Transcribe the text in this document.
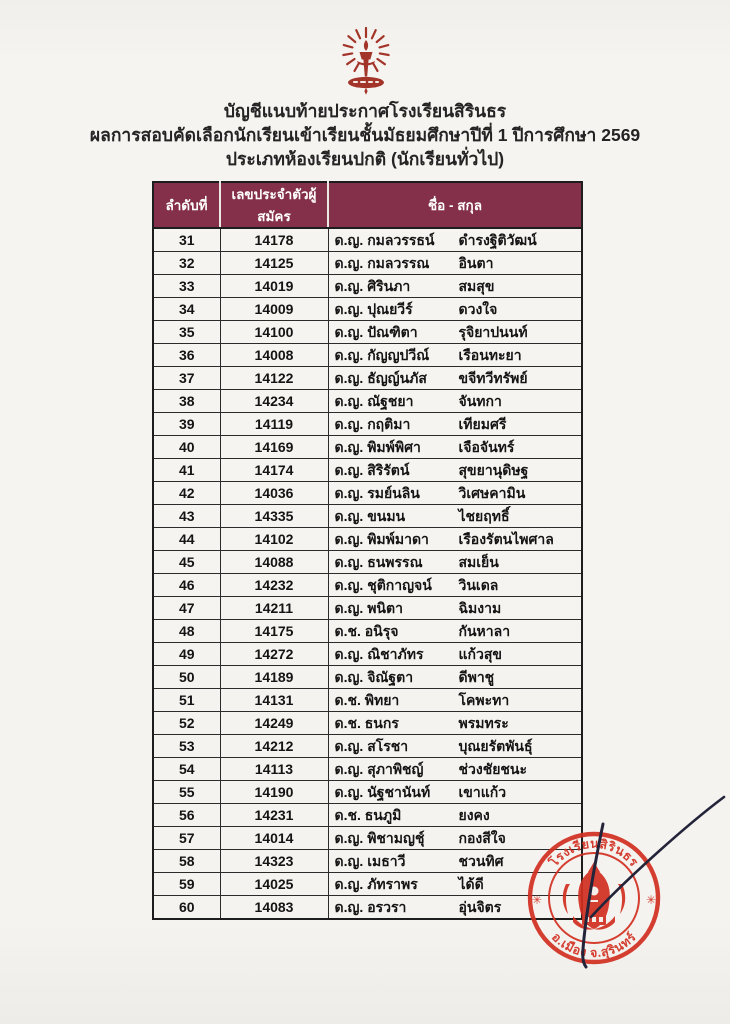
บัญชีแนบท้ายประกาศโรงเรียนสิรินธร
ผลการสอบคัดเลือกนักเรียนเข้าเรียนชั้นมัธยมศึกษาปีที่ 1 ปีการศึกษา 2569
ประเภทห้องเรียนปกติ (นักเรียนทั่วไป)
ลำดับที่	เลขประจำตัวผู้สมัคร	ชื่อ - สกุล
31	14178	ด.ญ. กมลวรรธน์ ดำรงฐิติวัฒน์
32	14125	ด.ญ. กมลวรรณ อินตา
33	14019	ด.ญ. ศิรินภา สมสุข
34	14009	ด.ญ. ปุณยวีร์ ดวงใจ
35	14100	ด.ญ. ปัณฑิตา รุจิยาปนนท์
36	14008	ด.ญ. กัญญปวีณ์ เรือนทะยา
37	14122	ด.ญ. ธัญญ์นภัส ขจีทวีทรัพย์
38	14234	ด.ญ. ณัฐชยา จันทกา
39	14119	ด.ญ. กฤติมา เทียมศรี
40	14169	ด.ญ. พิมพ์พิศา เจือจันทร์
41	14174	ด.ญ. สิริรัตน์ สุขยานุดิษฐ
42	14036	ด.ญ. รมย์นลิน วิเศษคามิน
43	14335	ด.ญ. ขนมน ไชยฤทธิ์
44	14102	ด.ญ. พิมพ์มาดา เรืองรัตนไพศาล
45	14088	ด.ญ. ธนพรรณ สมเย็น
46	14232	ด.ญ. ชุติกาญจน์ วินเดล
47	14211	ด.ญ. พนิตา ฉิมงาม
48	14175	ด.ช. อนิรุจ กันหาลา
49	14272	ด.ญ. ณิชาภัทร แก้วสุข
50	14189	ด.ญ. จิณัฐตา ดีพาชู
51	14131	ด.ช. พิทยา โคพะทา
52	14249	ด.ช. ธนกร พรมทระ
53	14212	ด.ญ. สโรชา บุณยรัตพันธุ์
54	14113	ด.ญ. สุภาพิชญ์ ช่วงชัยชนะ
55	14190	ด.ญ. นัฐชานันท์ เขาแก้ว
56	14231	ด.ช. ธนภูมิ ยงคง
57	14014	ด.ญ. พิชามญชุ์ กองสีใจ
58	14323	ด.ญ. เมธาวี ชวนทิศ
59	14025	ด.ญ. ภัทราพร ได้ดี
60	14083	ด.ญ. อรวรา อุ่นจิตร
โรงเรียนสิรินธร
อ.เมือง จ.สุรินทร์
✳	✳
